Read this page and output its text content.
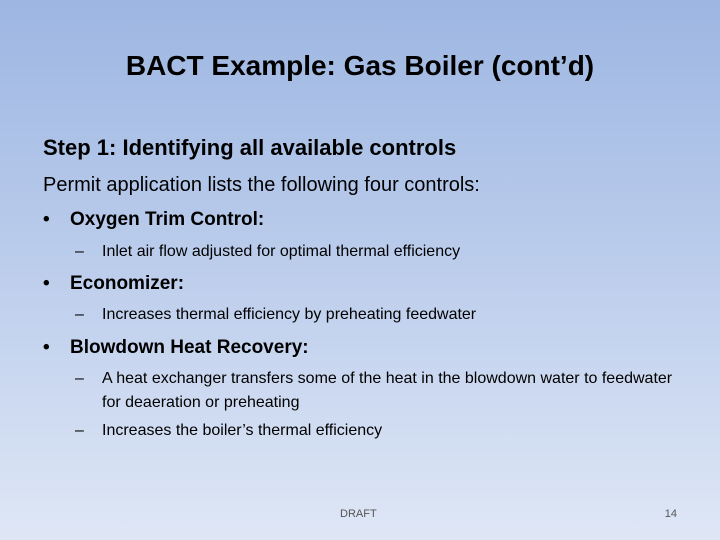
BACT Example: Gas Boiler (cont’d)
Step 1: Identifying all available controls
Permit application lists the following four controls:
• Oxygen Trim Control:
–	Inlet air flow adjusted for optimal thermal efficiency
• Economizer:
–	Increases thermal efficiency by preheating feedwater
• Blowdown Heat Recovery:
–	A heat exchanger transfers some of the heat in the blowdown water to feedwater for deaeration or preheating
–	Increases the boiler’s thermal efficiency
DRAFT	14
